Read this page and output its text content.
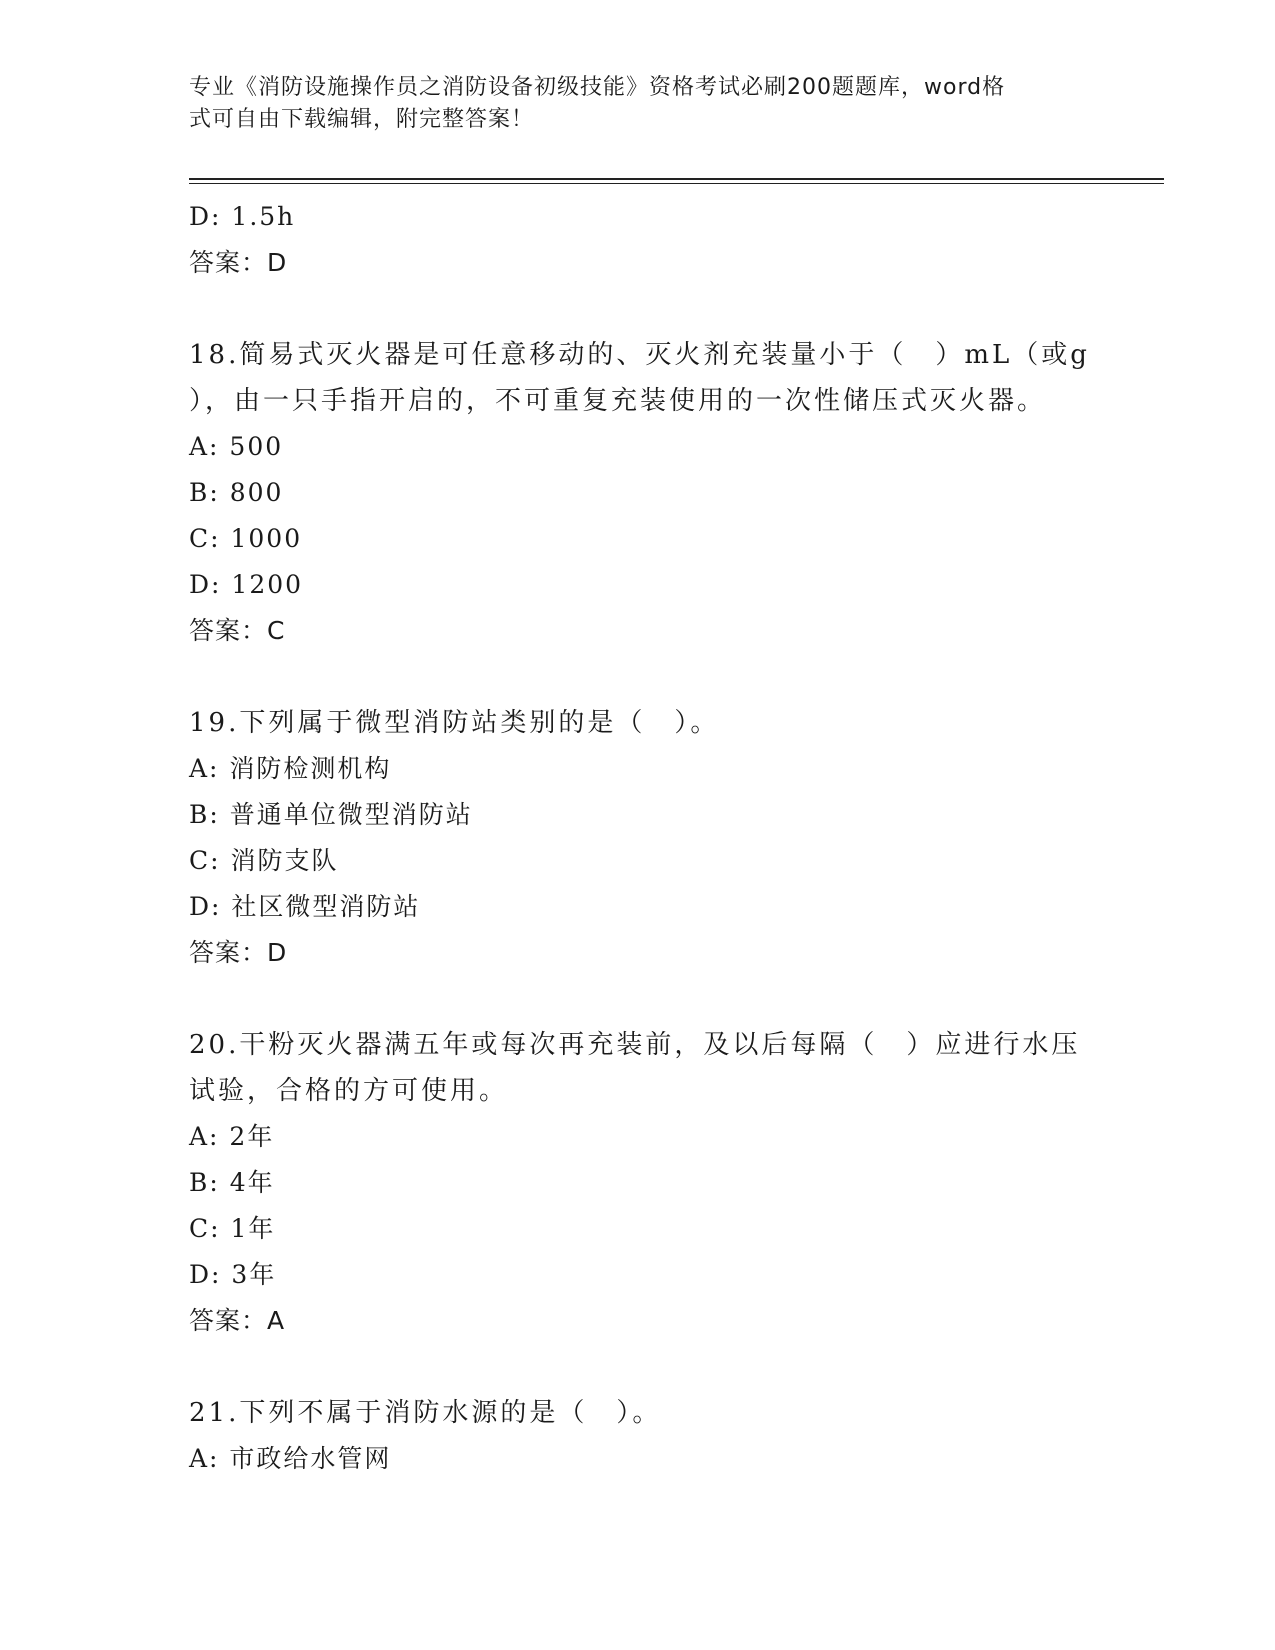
专业《消防设施操作员之消防设备初级技能》资格考试必刷200题题库，word格
式可自由下载编辑，附完整答案！
D: 1.5h
答案：D
18.简易式灭火器是可任意移动的、灭火剂充装量小于（　）mL（或g
），由一只手指开启的，不可重复充装使用的一次性储压式灭火器。
A: 500
B: 800
C: 1000
D: 1200
答案：C
19.下列属于微型消防站类别的是（　）。
A: 消防检测机构
B: 普通单位微型消防站
C: 消防支队
D: 社区微型消防站
答案：D
20.干粉灭火器满五年或每次再充装前，及以后每隔（　）应进行水压
试验，合格的方可使用。
A: 2年
B: 4年
C: 1年
D: 3年
答案：A
21.下列不属于消防水源的是（　）。
A: 市政给水管网
